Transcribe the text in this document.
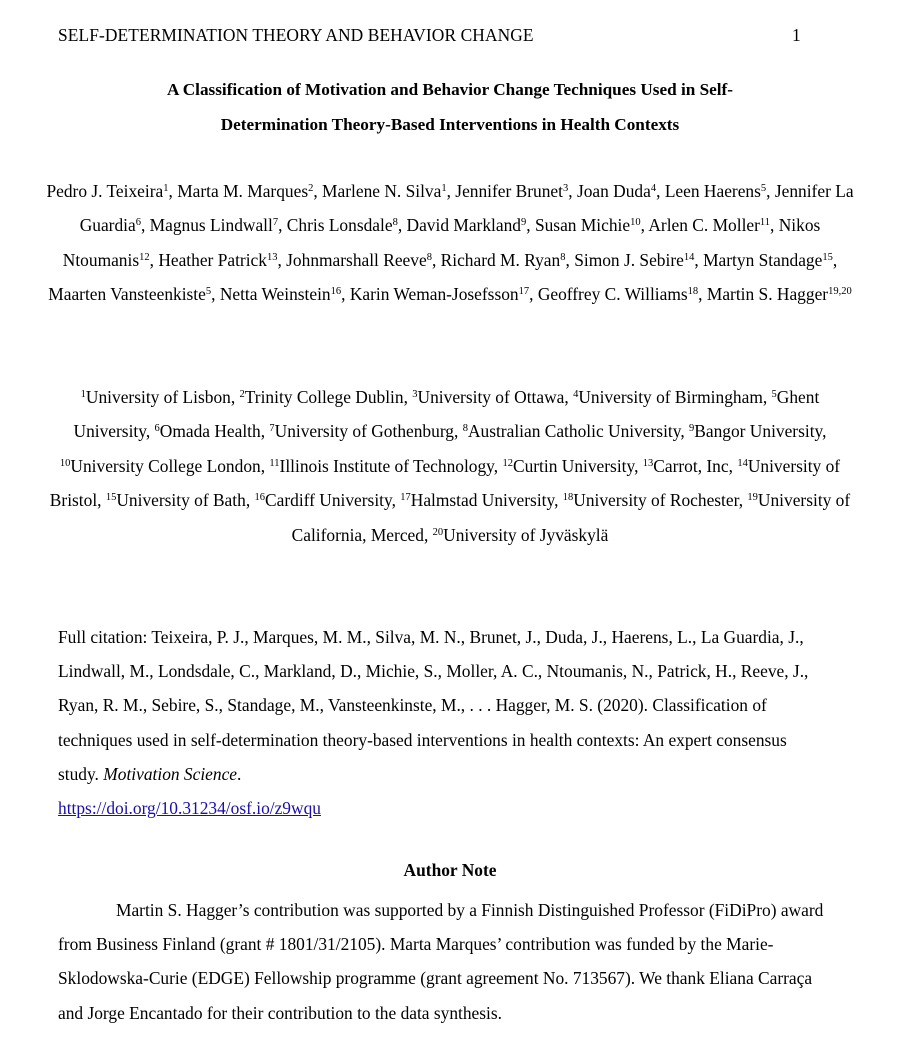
SELF-DETERMINATION THEORY AND BEHAVIOR CHANGE	1
A Classification of Motivation and Behavior Change Techniques Used in Self-
Determination Theory-Based Interventions in Health Contexts
Pedro J. Teixeira$^1$, Marta M. Marques$^2$, Marlene N. Silva$^1$, Jennifer Brunet$^3$, Joan Duda$^4$, Leen Haerens$^5$, Jennifer La Guardia$^6$, Magnus Lindwall$^7$, Chris Lonsdale$^8$, David Markland$^9$, Susan Michie$^{10}$, Arlen C. Moller$^{11}$, Nikos Ntoumanis$^{12}$, Heather Patrick$^{13}$, Johnmarshall Reeve$^8$, Richard M. Ryan$^8$, Simon J. Sebire$^{14}$, Martyn Standage$^{15}$, Maarten Vansteenkiste$^5$, Netta Weinstein$^{16}$, Karin Weman-Josefsson$^{17}$, Geoffrey C. Williams$^{18}$, Martin S. Hagger$^{19,20}$
$^1$University of Lisbon, $^2$Trinity College Dublin, $^3$University of Ottawa, $^4$University of Birmingham, $^5$Ghent University, $^6$Omada Health, $^7$University of Gothenburg, $^8$Australian Catholic University, $^9$Bangor University, $^{10}$University College London, $^{11}$Illinois Institute of Technology, $^{12}$Curtin University, $^{13}$Carrot, Inc, $^{14}$University of Bristol, $^{15}$University of Bath, $^{16}$Cardiff University, $^{17}$Halmstad University, $^{18}$University of Rochester, $^{19}$University of California, Merced, $^{20}$University of Jyväskylä
Full citation: Teixeira, P. J., Marques, M. M., Silva, M. N., Brunet, J., Duda, J., Haerens, L., La Guardia, J., Lindwall, M., Londsdale, C., Markland, D., Michie, S., Moller, A. C., Ntoumanis, N., Patrick, H., Reeve, J., Ryan, R. M., Sebire, S., Standage, M., Vansteenkinste, M., . . . Hagger, M. S. (2020). Classification of techniques used in self-determination theory-based interventions in health contexts: An expert consensus study. Motivation Science.
https://doi.org/10.31234/osf.io/z9wqu
Author Note
Martin S. Hagger’s contribution was supported by a Finnish Distinguished Professor (FiDiPro) award from Business Finland (grant # 1801/31/2105). Marta Marques’ contribution was funded by the Marie-Sklodowska-Curie (EDGE) Fellowship programme (grant agreement No. 713567). We thank Eliana Carraça and Jorge Encantado for their contribution to the data synthesis.
